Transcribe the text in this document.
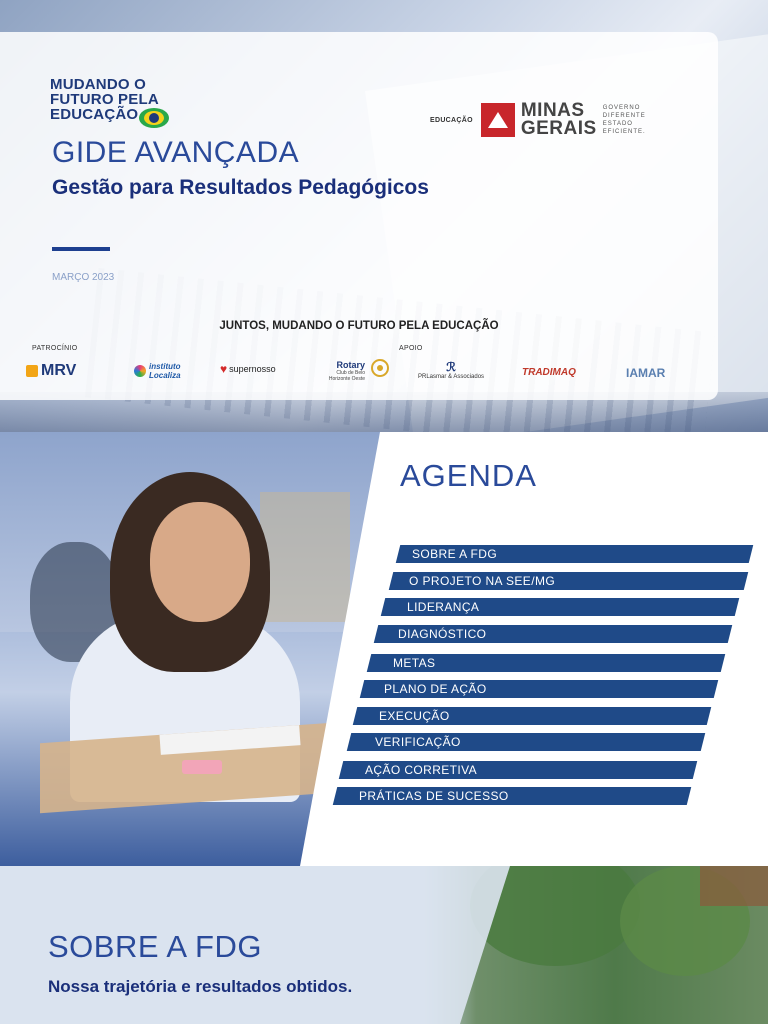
MUDANDO O
FUTURO PELA
EDUCAÇÃO	EDUCAÇÃO	MINAS
GERAIS
GOVERNO
DIFERENTE
ESTADO
EFICIENTE.
GIDE AVANÇADA
Gestão para Resultados Pedagógicos
MARÇO 2023
JUNTOS, MUDANDO O FUTURO PELA EDUCAÇÃO
PATROCÍNIO	APOIO
MRV	instituto Localiza	♥ supernosso	Rotary
Club de Belo Horizonte Oeste
ℛ
PRLasmar & Associados	TRADIMAQ	IAMAR
AGENDA
SOBRE A FDG
O PROJETO NA SEE/MG
LIDERANÇA
DIAGNÓSTICO
METAS
PLANO DE AÇÃO
EXECUÇÃO
VERIFICAÇÃO
AÇÃO CORRETIVA
PRÁTICAS DE SUCESSO
SOBRE A FDG
Nossa trajetória e resultados obtidos.
